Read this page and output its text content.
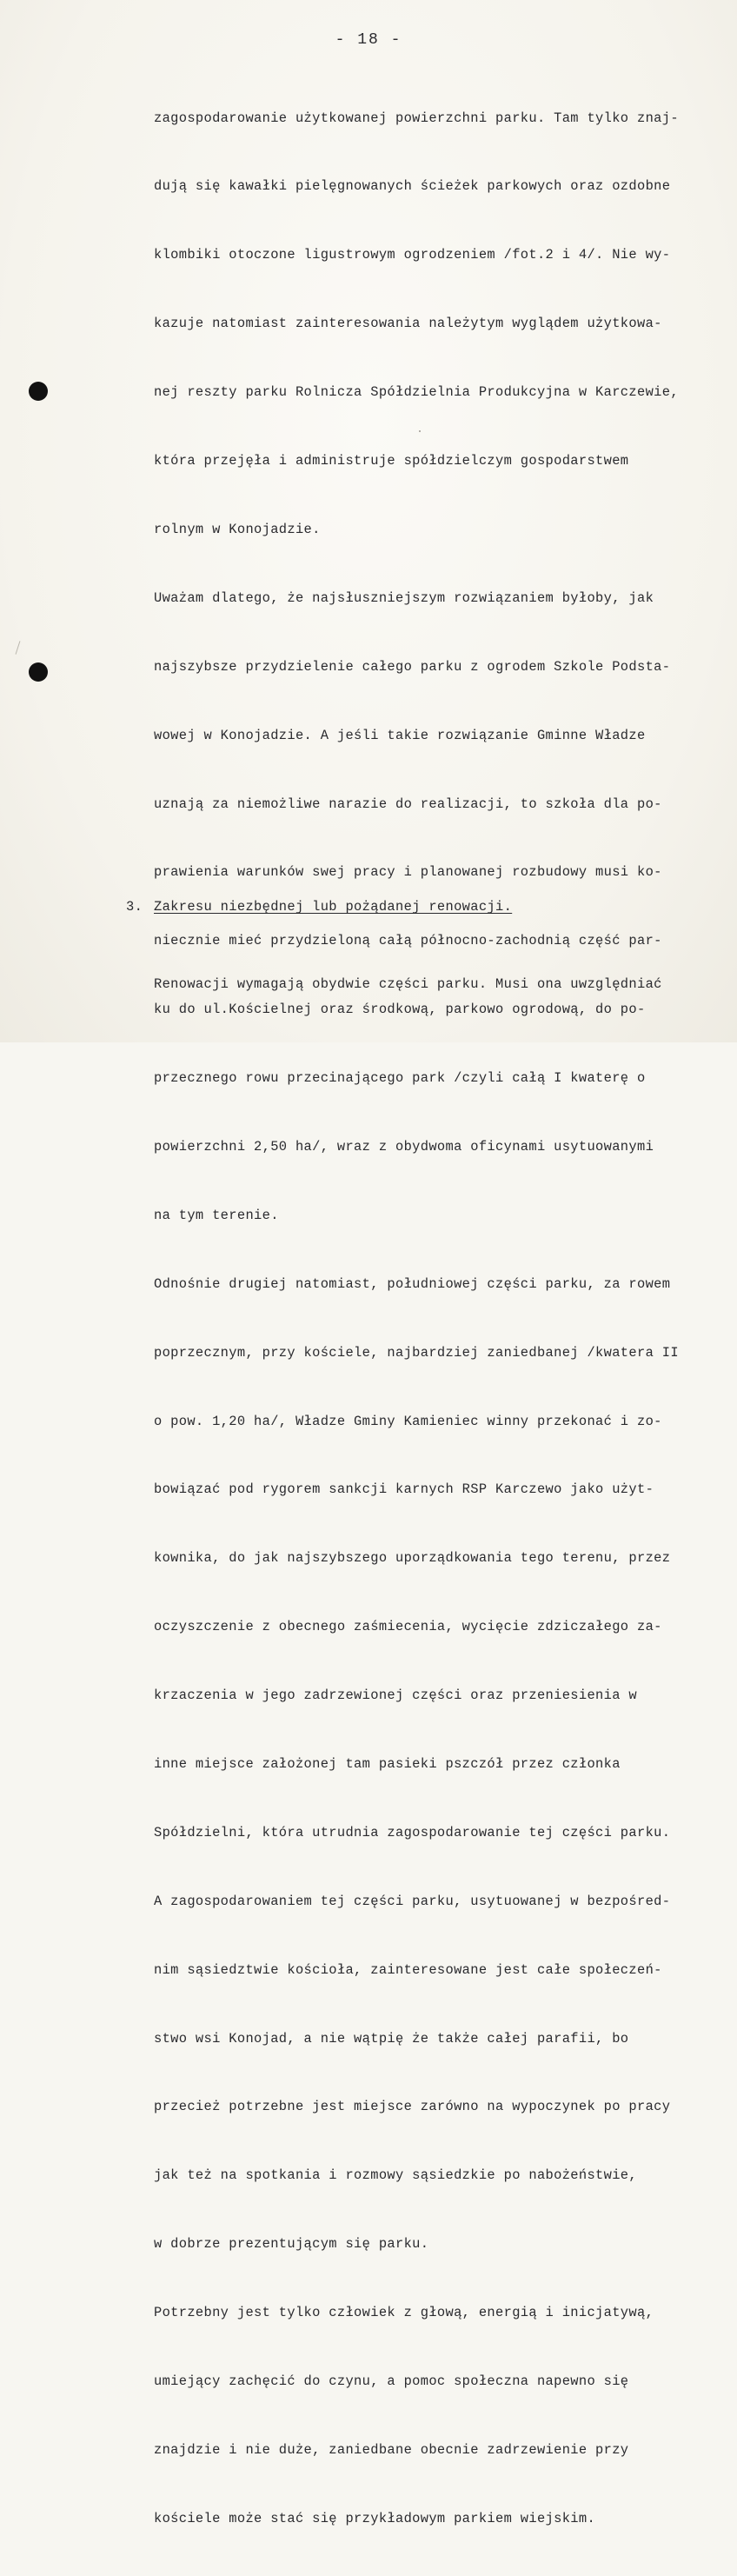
- 18 -

zagospodarowanie użytkowanej powierzchni parku. Tam tylko znaj-

dują się kawałki pielęgnowanych ścieżek parkowych oraz ozdobne

klombiki otoczone ligustrowym ogrodzeniem /fot.2 i 4/. Nie wy-

kazuje natomiast zainteresowania należytym wyglądem użytkowa-

nej reszty parku Rolnicza Spółdzielnia Produkcyjna w Karczewie,

która przejęła i administruje spółdzielczym gospodarstwem

rolnym w Konojadzie.

Uważam dlatego, że najsłuszniejszym rozwiązaniem byłoby, jak

najszybsze przydzielenie całego parku z ogrodem Szkole Podsta-

wowej w Konojadzie. A jeśli takie rozwiązanie Gminne Władze

uznają za niemożliwe narazie do realizacji, to szkoła dla po-

prawienia warunków swej pracy i planowanej rozbudowy musi ko-

niecznie mieć przydzieloną całą północno-zachodnią część par-

ku do ul.Kościelnej oraz środkową, parkowo ogrodową, do po-

przecznego rowu przecinającego park /czyli całą I kwaterę o

powierzchni 2,50 ha/, wraz z obydwoma oficynami usytuowanymi

na tym terenie.

Odnośnie drugiej natomiast, południowej części parku, za rowem

poprzecznym, przy kościele, najbardziej zaniedbanej /kwatera II

o pow. 1,20 ha/, Władze Gminy Kamieniec winny przekonać i zo-

bowiązać pod rygorem sankcji karnych RSP Karczewo jako użyt-

kownika, do jak najszybszego uporządkowania tego terenu, przez

oczyszczenie z obecnego zaśmiecenia, wycięcie zdziczałego za-

krzaczenia w jego zadrzewionej części oraz przeniesienia w

inne miejsce założonej tam pasieki pszczół przez członka

Spółdzielni, która utrudnia zagospodarowanie tej części parku.

A zagospodarowaniem tej części parku, usytuowanej w bezpośred-

nim sąsiedztwie kościoła, zainteresowane jest całe społeczeń-

stwo wsi Konojad, a nie wątpię że także całej parafii, bo

przecież potrzebne jest miejsce zarówno na wypoczynek po pracy

jak też na spotkania i rozmowy sąsiedzkie po nabożeństwie,

w dobrze prezentującym się parku.

Potrzebny jest tylko człowiek z głową, energią i inicjatywą,

umiejący zachęcić do czynu, a pomoc społeczna napewno się

znajdzie i nie duże, zaniedbane obecnie zadrzewienie przy

kościele może stać się przykładowym parkiem wiejskim.

3. Zakresu niezbędnej lub pożądanej renowacji.

Renowacji wymagają obydwie części parku. Musi ona uwzględniać
